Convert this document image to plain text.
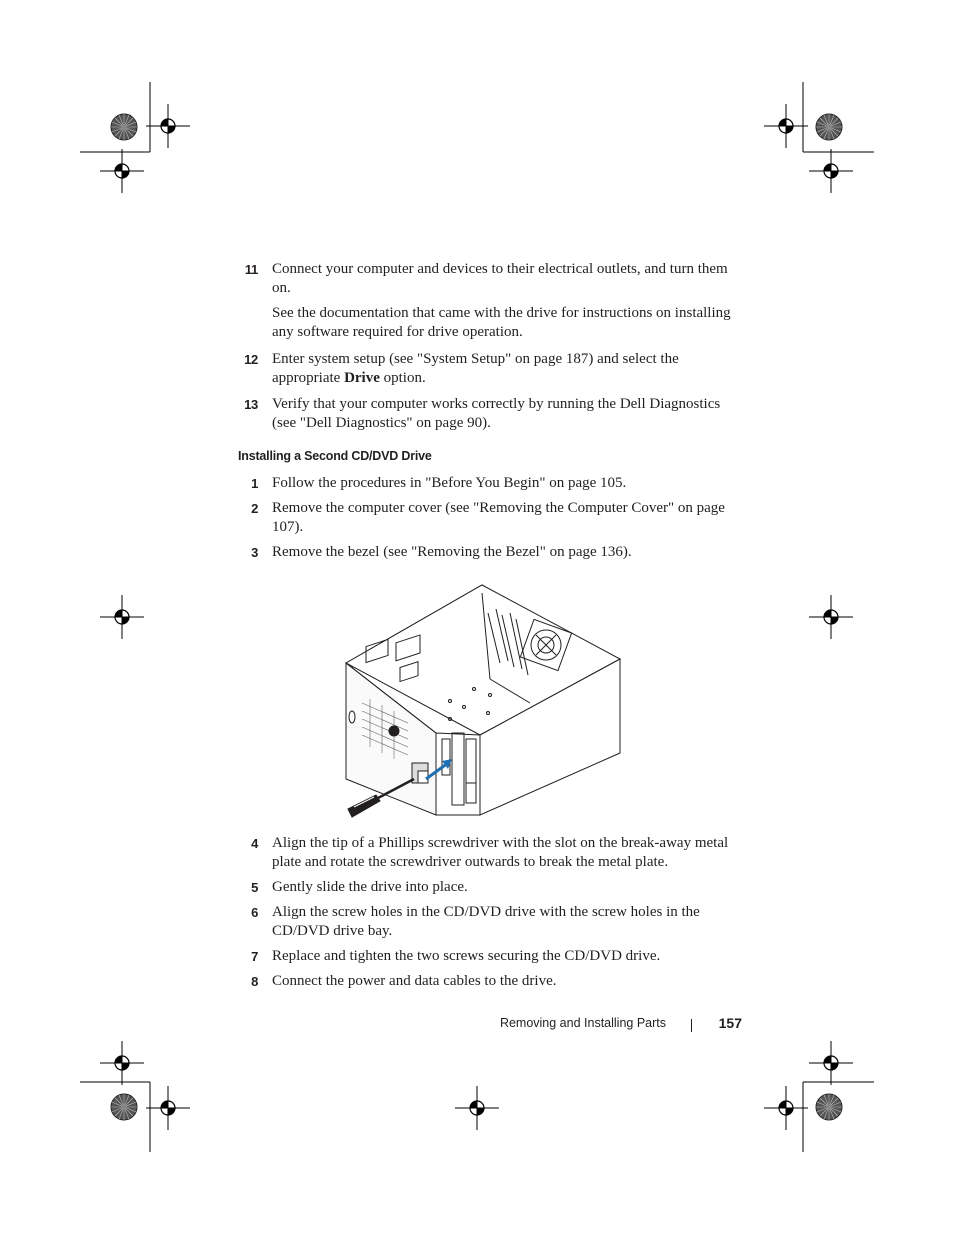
11 Connect your computer and devices to their electrical outlets, and turn them on.
See the documentation that came with the drive for instructions on installing any software required for drive operation.
12 Enter system setup (see "System Setup" on page 187) and select the appropriate Drive option.
13 Verify that your computer works correctly by running the Dell Diagnostics (see "Dell Diagnostics" on page 90).
Installing a Second CD/DVD Drive
1 Follow the procedures in "Before You Begin" on page 105.
2 Remove the computer cover (see "Removing the Computer Cover" on page 107).
3 Remove the bezel (see "Removing the Bezel" on page 136).
4 Align the tip of a Phillips screwdriver with the slot on the break-away metal plate and rotate the screwdriver outwards to break the metal plate.
5 Gently slide the drive into place.
6 Align the screw holes in the CD/DVD drive with the screw holes in the CD/DVD drive bay.
7 Replace and tighten the two screws securing the CD/DVD drive.
8 Connect the power and data cables to the drive.
Removing and Installing Parts	157
